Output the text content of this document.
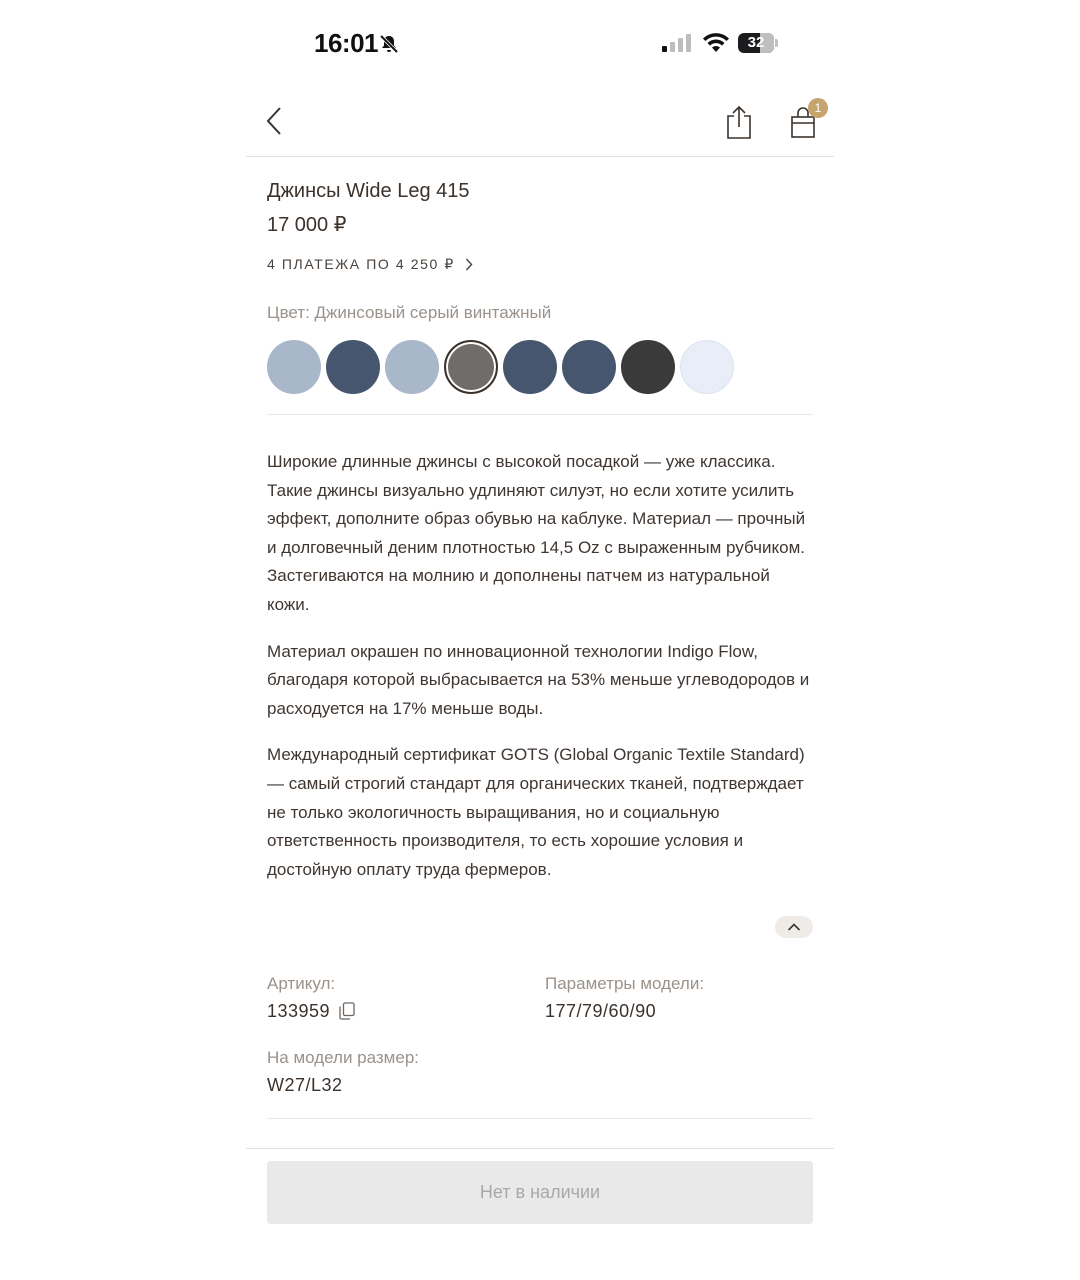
16:01	32
1
Джинсы Wide Leg 415
17 000 ₽
4 ПЛАТЕЖА ПО 4 250 ₽
Цвет: Джинсовый серый винтажный

Широкие длинные джинсы с высокой посадкой — уже классика. Такие джинсы визуально удлиняют силуэт, но если хотите усилить эффект, дополните образ обувью на каблуке. Материал — прочный и долговечный деним плотностью 14,5 Oz с выраженным рубчиком. Застегиваются на молнию и дополнены патчем из натуральной кожи.

Материал окрашен по инновационной технологии Indigo Flow, благодаря которой выбрасывается на 53% меньше углеводородов и расходуется на 17% меньше воды.

Международный сертификат GOTS (Global Organic Textile Standard) — самый строгий стандарт для органических тканей, подтверждает не только экологичность выращивания, но и социальную ответственность производителя, то есть хорошие условия и достойную оплату труда фермеров.

Артикул:
133959
Параметры модели:
177/79/60/90
На модели размер:
W27/L32
Нет в наличии
